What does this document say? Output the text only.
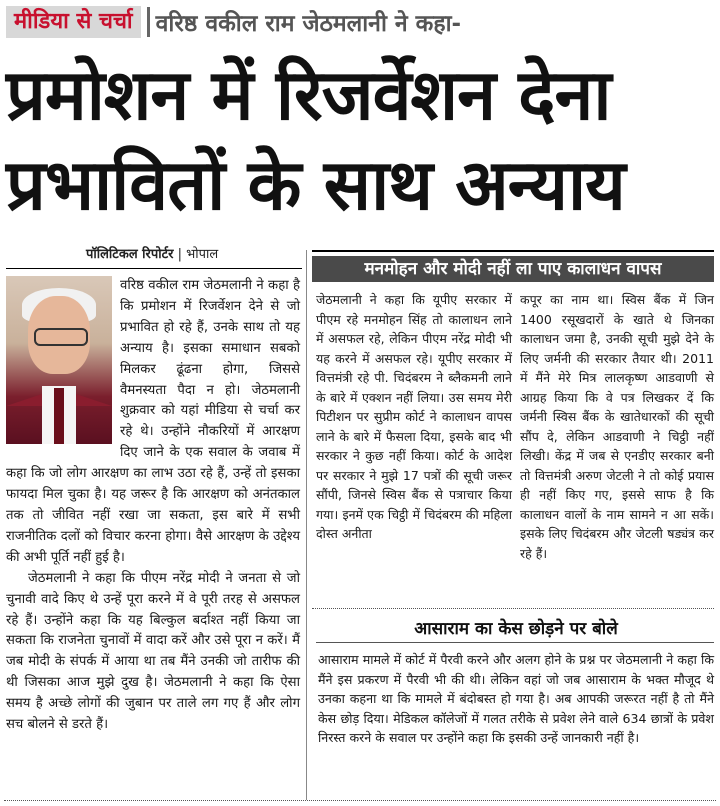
मीडिया से चर्चा	वरिष्ठ वकील राम जेठमलानी ने कहा-
प्रमोशन में रिजर्वेशन देना
प्रभावितों के साथ अन्याय
पॉलिटिकल रिपोर्टर | भोपाल

वरिष्ठ वकील राम जेठमलानी ने कहा है कि प्रमोशन में रिजर्वेशन देने से जो प्रभावित हो रहे हैं, उनके साथ तो यह अन्याय है। इसका समाधान सबको मिलकर ढूंढना होगा, जिससे वैमनस्यता पैदा न हो। जेठमलानी शुक्रवार को यहां मीडिया से चर्चा कर रहे थे। उन्होंने नौकरियों में आरक्षण दिए जाने के एक सवाल के जवाब में कहा कि जो लोग आरक्षण का लाभ उठा रहे हैं, उन्हें तो इसका फायदा मिल चुका है। यह जरूर है कि आरक्षण को अनंतकाल तक तो जीवित नहीं रखा जा सकता, इस बारे में सभी राजनीतिक दलों को विचार करना होगा। वैसे आरक्षण के उद्देश्य की अभी पूर्ति नहीं हुई है।

जेठमलानी ने कहा कि पीएम नरेंद्र मोदी ने जनता से जो चुनावी वादे किए थे उन्हें पूरा करने में वे पूरी तरह से असफल रहे हैं। उन्होंने कहा कि यह बिल्कुल बर्दाश्त नहीं किया जा सकता कि राजनेता चुनावों में वादा करें और उसे पूरा न करें। मैं जब मोदी के संपर्क में आया था तब मैंने उनकी जो तारीफ की थी जिसका आज मुझे दुख है। जेठमलानी ने कहा कि ऐसा समय है अच्छे लोगों की जुबान पर ताले लग गए हैं और लोग सच बोलने से डरते हैं।

मनमोहन और मोदी नहीं ला पाए कालाधन वापस
जेठमलानी ने कहा कि यूपीए सरकार में पीएम रहे मनमोहन सिंह तो कालाधन लाने में असफल रहे, लेकिन पीएम नरेंद्र मोदी भी यह करने में असफल रहे। यूपीए सरकार में वित्तमंत्री रहे पी. चिदंबरम ने ब्लैकमनी लाने के बारे में एक्शन नहीं लिया। उस समय मेरी पिटीशन पर सुप्रीम कोर्ट ने कालाधन वापस लाने के बारे में फैसला दिया, इसके बाद भी सरकार ने कुछ नहीं किया। कोर्ट के आदेश पर सरकार ने मुझे 17 पत्रों की सूची जरूर सौंपी, जिनसे स्विस बैंक से पत्राचार किया गया। इनमें एक चिट्ठी में चिदंबरम की महिला दोस्त अनीता
कपूर का नाम था। स्विस बैंक में जिन 1400 रसूखदारों के खाते थे जिनका कालाधन जमा है, उनकी सूची मुझे देने के लिए जर्मनी की सरकार तैयार थी। 2011 में मैंने मेरे मित्र लालकृष्ण आडवाणी से आग्रह किया कि वे पत्र लिखकर दें कि जर्मनी स्विस बैंक के खातेधारकों की सूची सौंप दे, लेकिन आडवाणी ने चिट्ठी नहीं लिखी। केंद्र में जब से एनडीए सरकार बनी तो वित्तमंत्री अरुण जेटली ने तो कोई प्रयास ही नहीं किए गए, इससे साफ है कि कालाधन वालों के नाम सामने न आ सकें। इसके लिए चिदंबरम और जेटली षड्यंत्र कर रहे हैं।
आसाराम का केस छोड़ने पर बोले
आसाराम मामले में कोर्ट में पैरवी करने और अलग होने के प्रश्न पर जेठमलानी ने कहा कि मैंने इस प्रकरण में पैरवी भी की थी। लेकिन वहां जो जब आसाराम के भक्त मौजूद थे उनका कहना था कि मामले में बंदोबस्त हो गया है। अब आपकी जरूरत नहीं है तो मैंने केस छोड़ दिया। मेडिकल कॉलेजों में गलत तरीके से प्रवेश लेने वाले 634 छात्रों के प्रवेश निरस्त करने के सवाल पर उन्होंने कहा कि इसकी उन्हें जानकारी नहीं है।
